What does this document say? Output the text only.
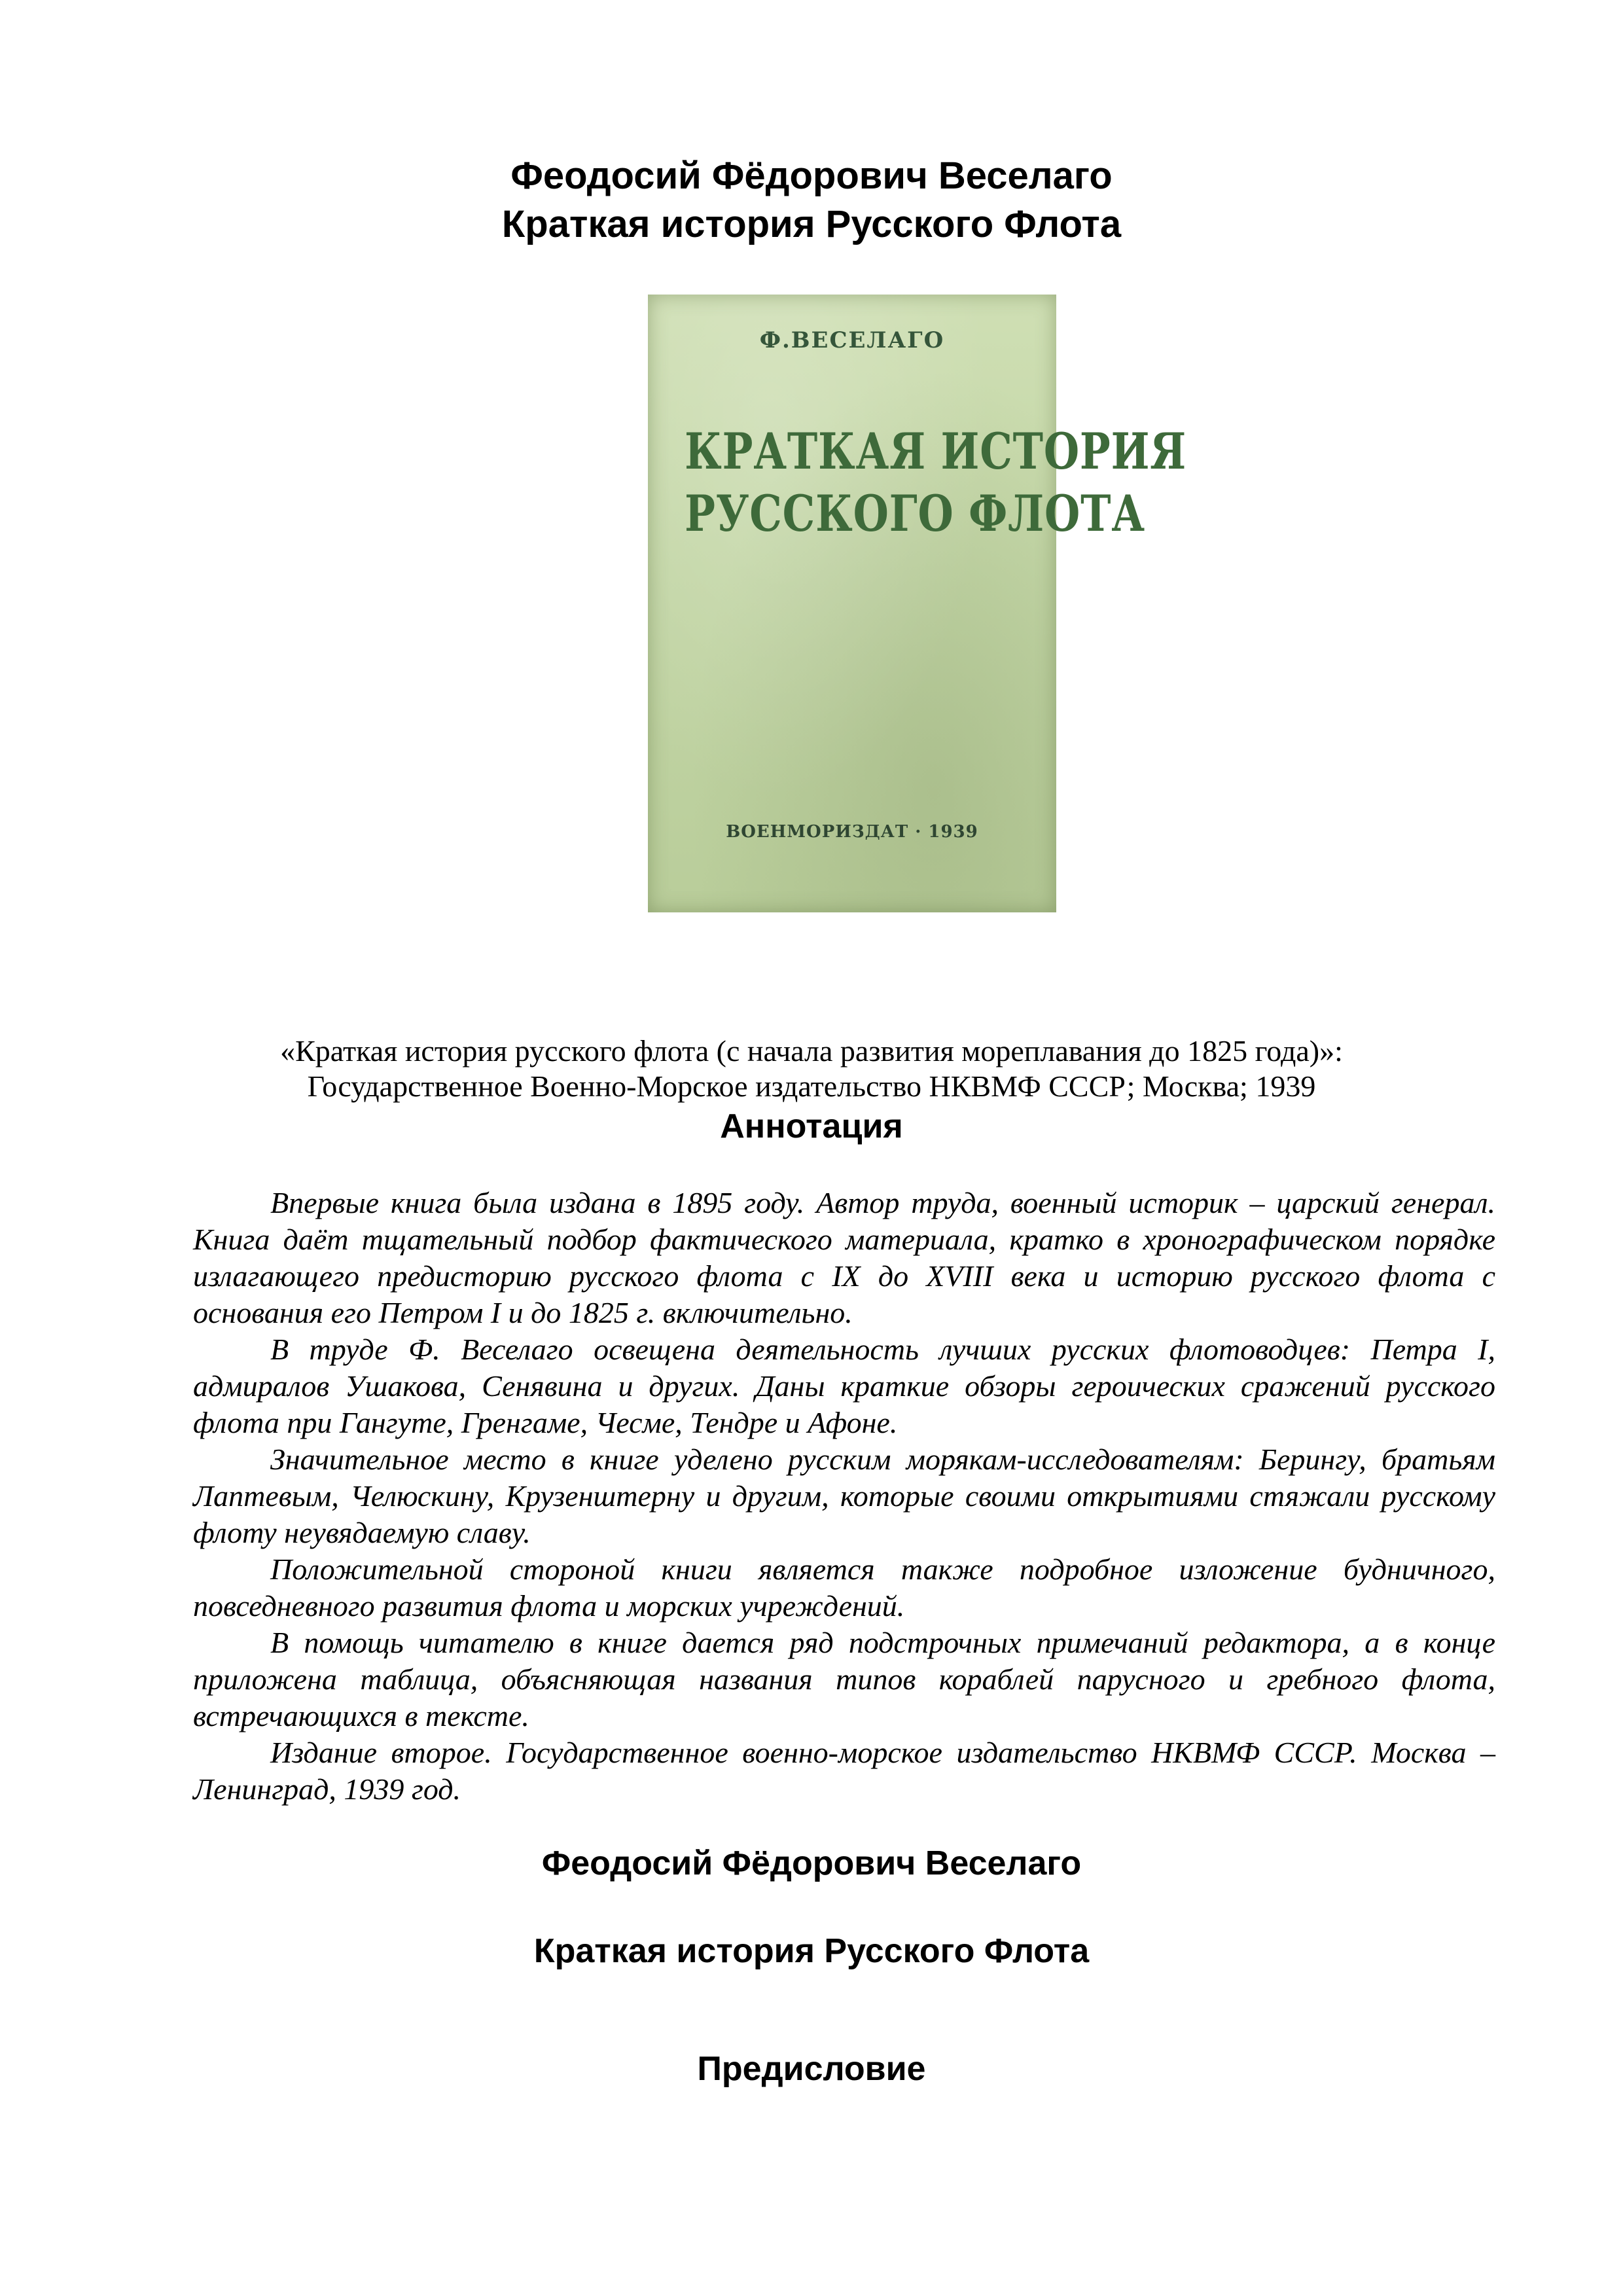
Феодосий Фёдорович Веселаго
Краткая история Русского Флота
Ф.ВЕСЕЛАГО
КРАТКАЯ ИСТОРИЯ
РУССКОГО ФЛОТА
ВОЕНМОРИЗДАТ · 1939
«Краткая история русского флота (с начала развития мореплавания до 1825 года)»:
Государственное Военно-Морское издательство НКВМФ СССР; Москва; 1939
Аннотация

Впервые книга была издана в 1895 году. Автор труда, военный историк – царский генерал. Книга даёт тщательный подбор фактического материала, кратко в хронографическом порядке излагающего предисторию русского флота с IX до XVIII века и историю русского флота с основания его Петром I и до 1825 г. включительно.

В труде Ф. Веселаго освещена деятельность лучших русских флотоводцев: Петра I, адмиралов Ушакова, Сенявина и других. Даны краткие обзоры героических сражений русского флота при Гангуте, Гренгаме, Чесме, Тендре и Афоне.

Значительное место в книге уделено русским морякам-исследователям: Берингу, братьям Лаптевым, Челюскину, Крузенштерну и другим, которые своими открытиями стяжали русскому флоту неувядаемую славу.

Положительной стороной книги является также подробное изложение будничного, повседневного развития флота и морских учреждений.

В помощь читателю в книге дается ряд подстрочных примечаний редактора, а в конце приложена таблица, объясняющая названия типов кораблей парусного и гребного флота, встречающихся в тексте.

Издание второе. Государственное военно-морское издательство НКВМФ СССР. Москва – Ленинград, 1939 год.

Феодосий Фёдорович Веселаго
Краткая история Русского Флота
Предисловие
